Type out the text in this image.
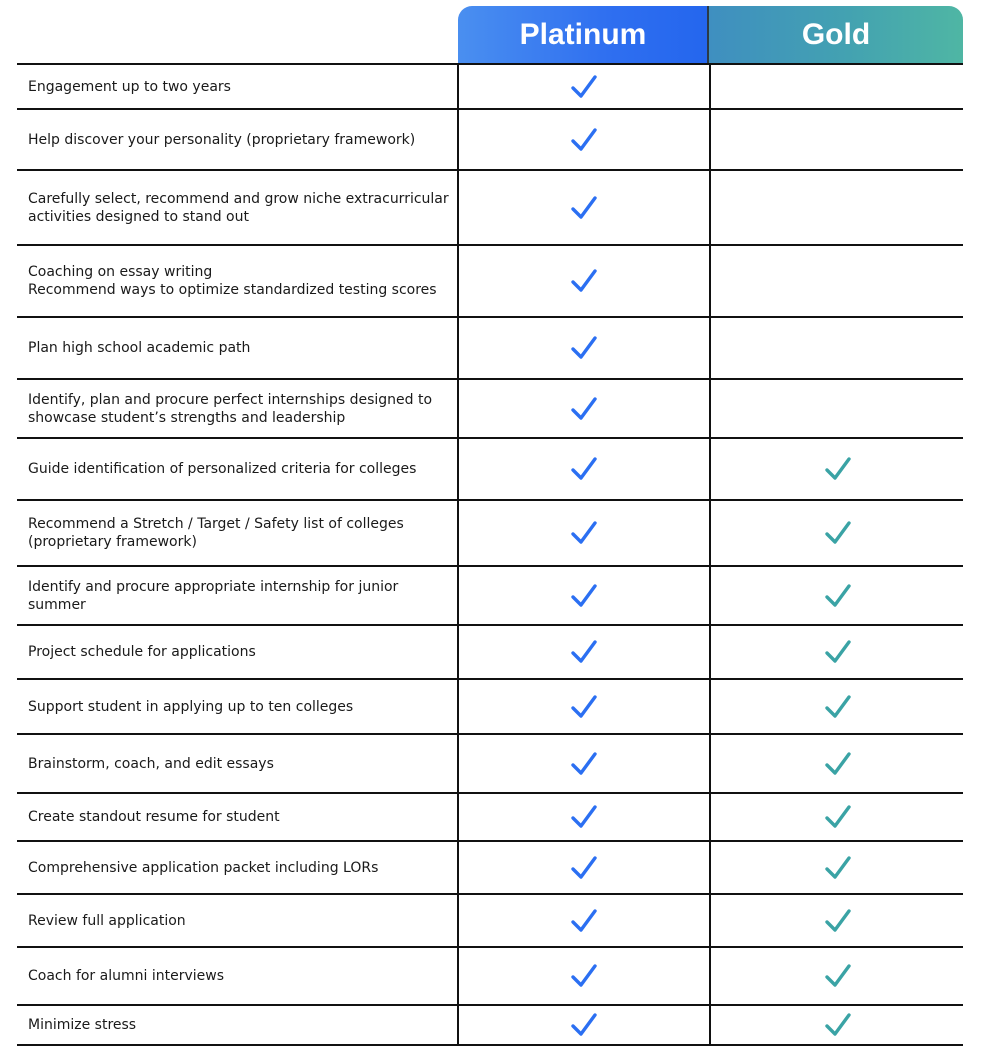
Platinum	Gold
Engagement up to two years
Help discover your personality (proprietary framework)
Carefully select, recommend and grow niche extracurricular
activities designed to stand out
Coaching on essay writing
Recommend ways to optimize standardized testing scores
Plan high school academic path
Identify, plan and procure perfect internships designed to
showcase student’s strengths and leadership
Guide identification of personalized criteria for colleges
Recommend a Stretch / Target / Safety list of colleges
(proprietary framework)
Identify and procure appropriate internship for junior summer
Project schedule for applications
Support student in applying up to ten colleges
Brainstorm, coach, and edit essays
Create standout resume for student
Comprehensive application packet including LORs
Review full application
Coach for alumni interviews
Minimize stress
